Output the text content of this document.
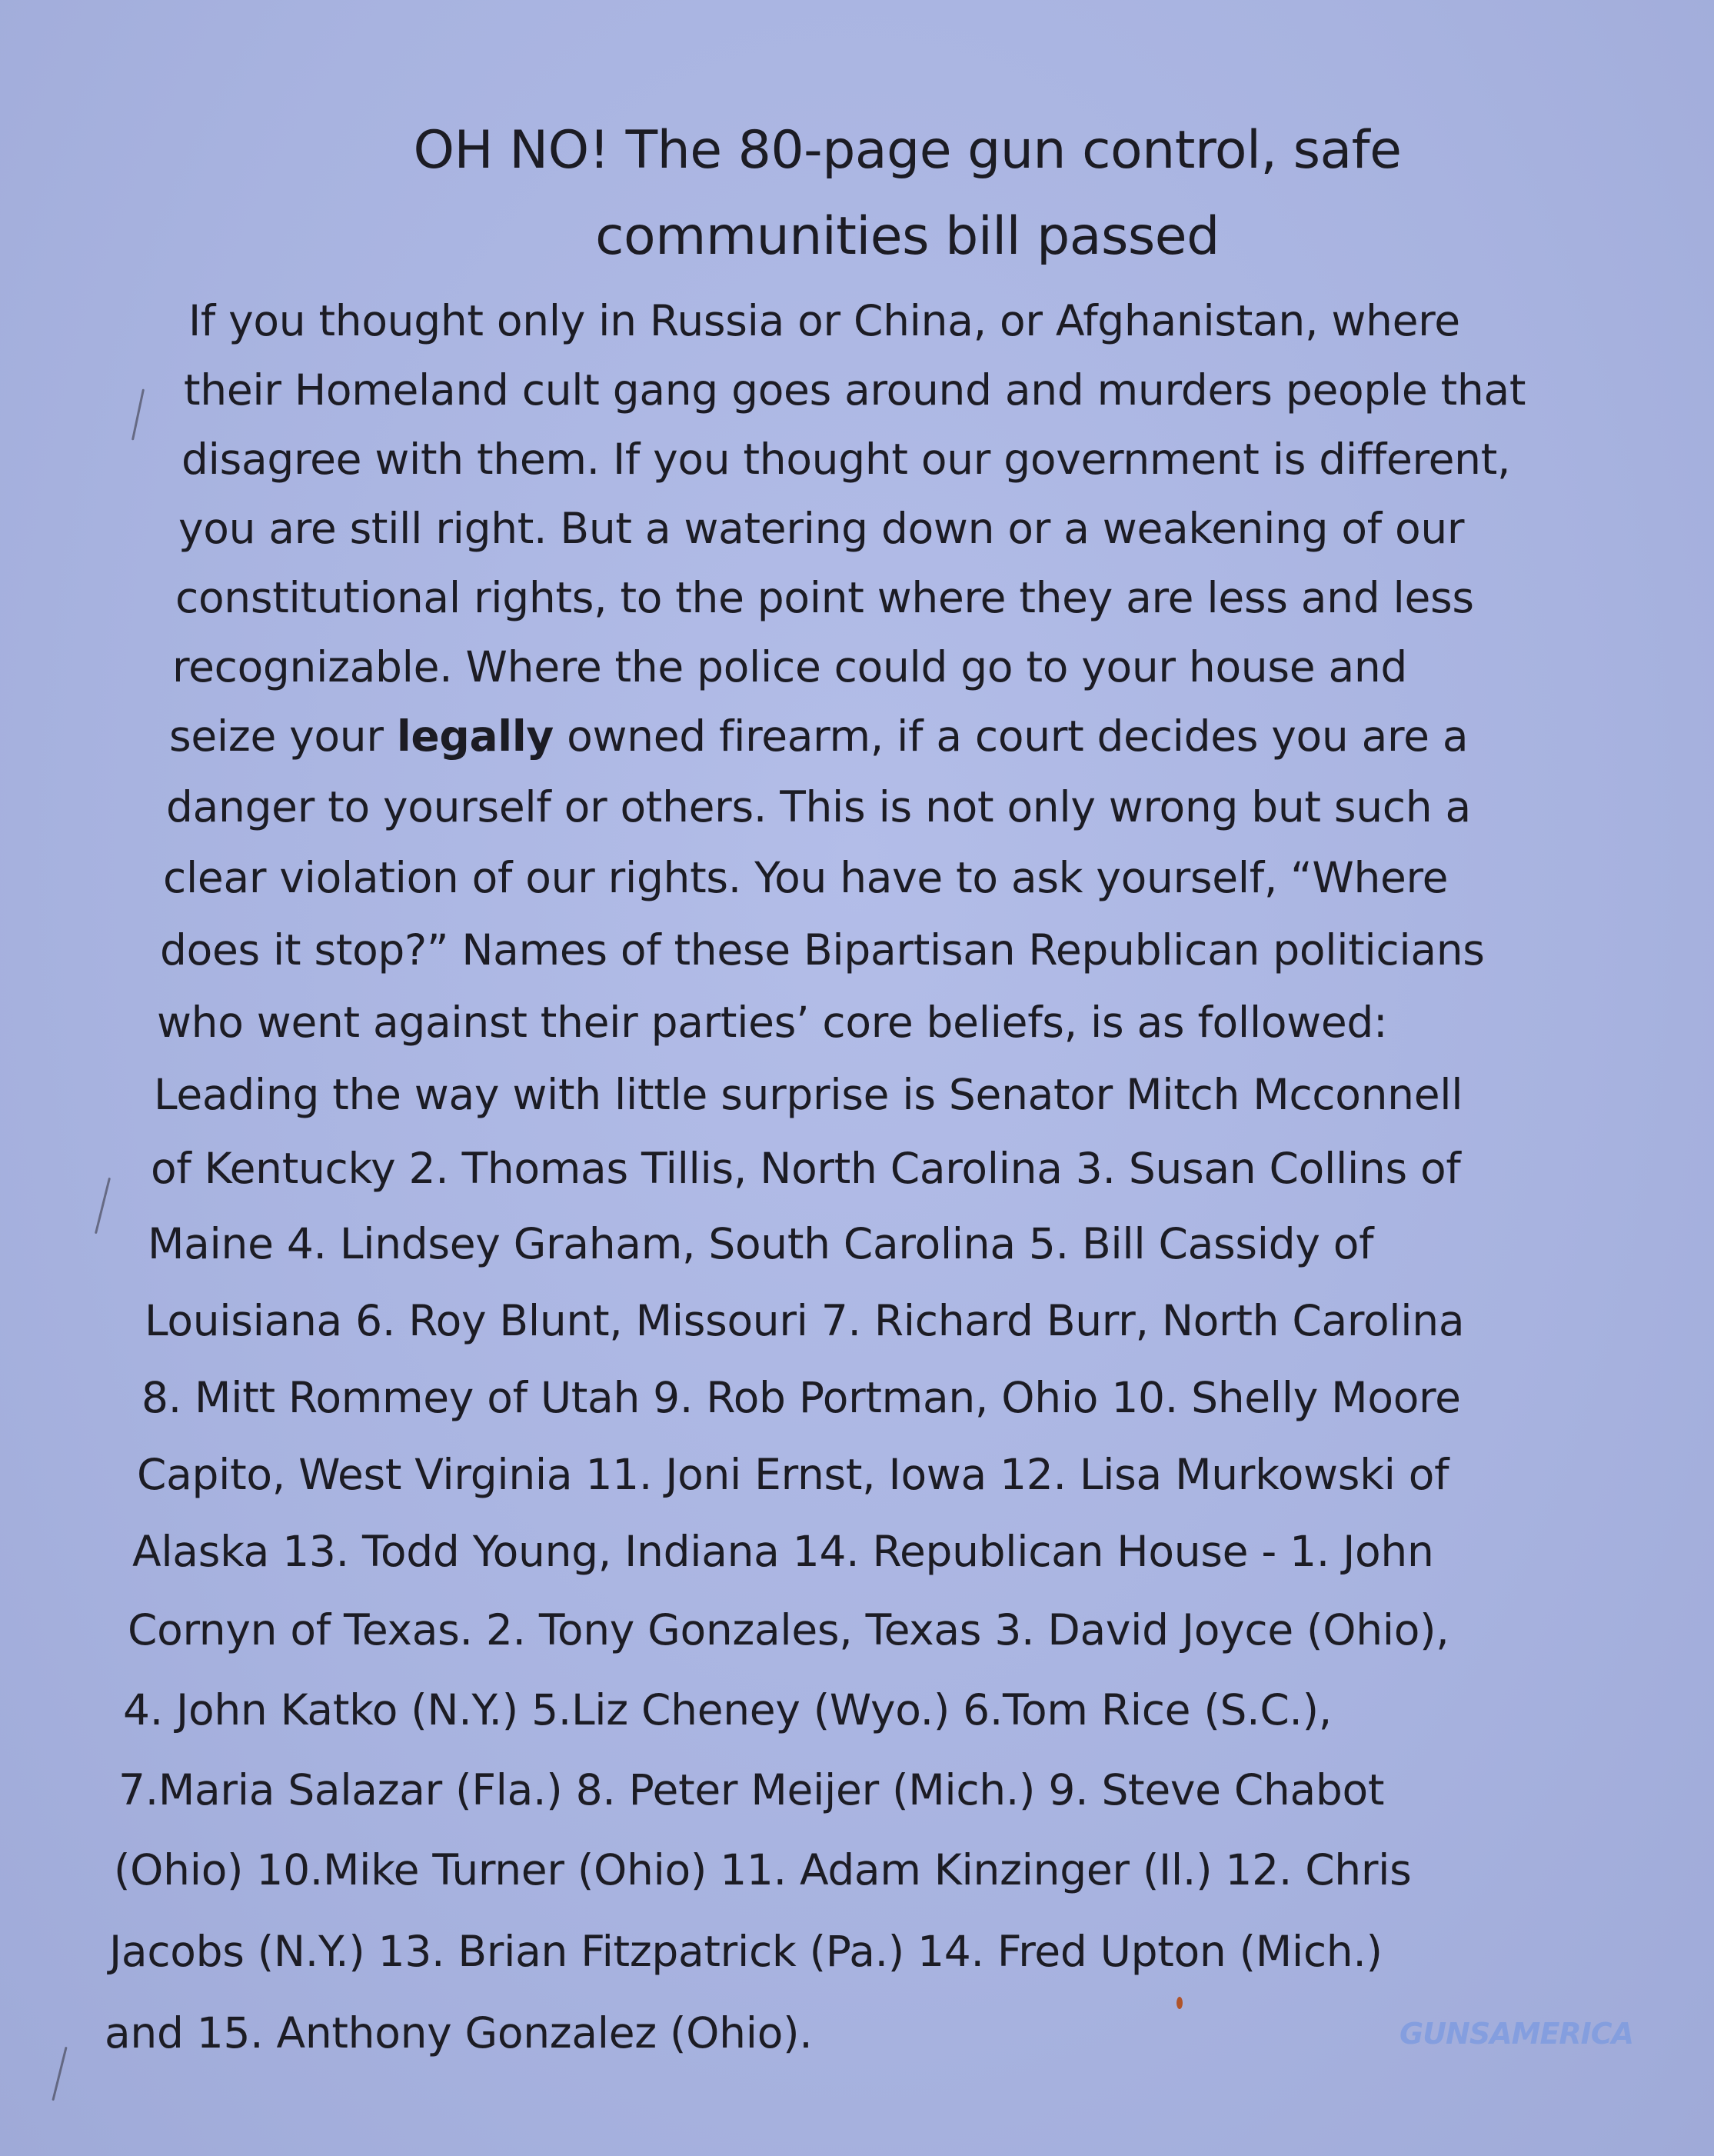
OH NO! The 80-page gun control, safe
communities bill passed
If you thought only in Russia or China, or Afghanistan, where
their Homeland cult gang goes around and murders people that
disagree with them. If you thought our government is different,
you are still right. But a watering down or a weakening of our
constitutional rights, to the point where they are less and less
recognizable. Where the police could go to your house and
seize your legally owned firearm, if a court decides you are a
danger to yourself or others. This is not only wrong but such a
clear violation of our rights. You have to ask yourself, “Where
does it stop?” Names of these Bipartisan Republican politicians
who went against their parties’ core beliefs, is as followed:
Leading the way with little surprise is Senator Mitch Mcconnell
of Kentucky 2. Thomas Tillis, North Carolina 3. Susan Collins of
Maine 4. Lindsey Graham, South Carolina 5. Bill Cassidy of
Louisiana 6. Roy Blunt, Missouri 7. Richard Burr, North Carolina
8. Mitt Rommey of Utah 9. Rob Portman, Ohio 10. Shelly Moore
Capito, West Virginia 11. Joni Ernst, Iowa 12. Lisa Murkowski of
Alaska 13. Todd Young, Indiana 14. Republican House - 1. John
Cornyn of Texas. 2. Tony Gonzales, Texas 3. David Joyce (Ohio),
4. John Katko (N.Y.) 5.Liz Cheney (Wyo.) 6.Tom Rice (S.C.),
7.Maria Salazar (Fla.) 8. Peter Meijer (Mich.) 9. Steve Chabot
(Ohio) 10.Mike Turner (Ohio) 11. Adam Kinzinger (Il.) 12. Chris
Jacobs (N.Y.) 13. Brian Fitzpatrick (Pa.) 14. Fred Upton (Mich.)
and 15. Anthony Gonzalez (Ohio).	GUNSAMERICA
